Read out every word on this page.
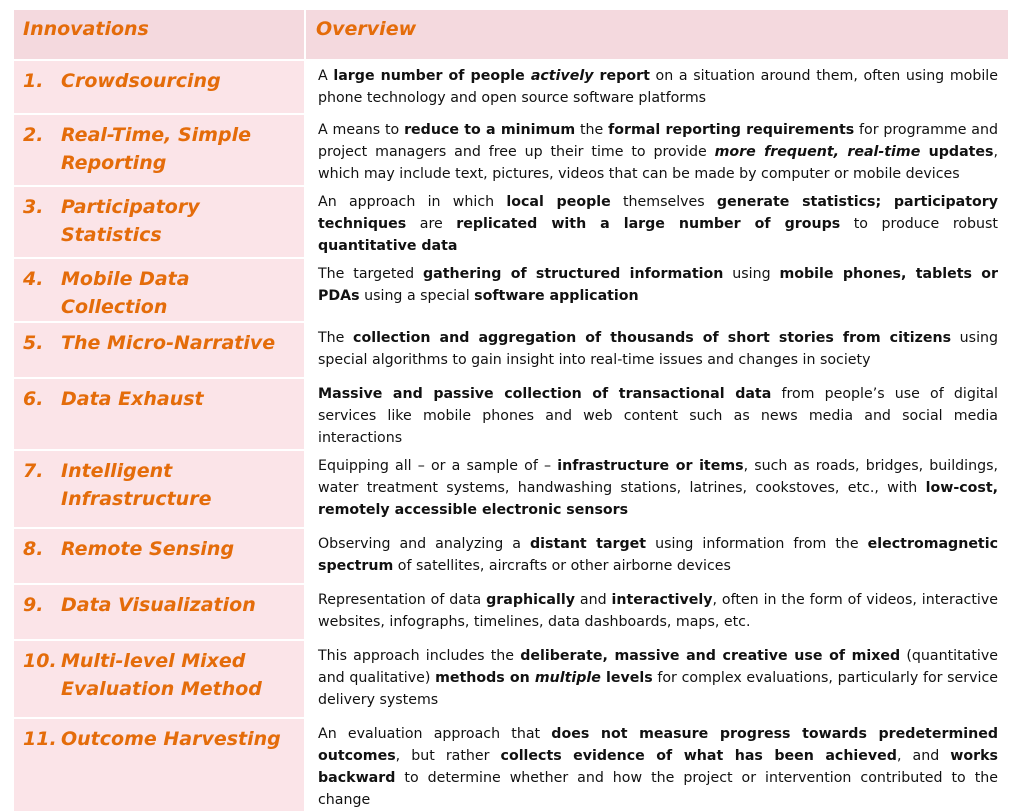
Innovations	Overview

1. Crowdsourcing	A large number of people actively report on a situation around them, often using mobile phone technology and open source software platforms

2. Real-Time, Simple Reporting	A means to reduce to a minimum the formal reporting requirements for programme and project managers and free up their time to provide more frequent, real-time updates, which may include text, pictures, videos that can be made by computer or mobile devices

3. Participatory Statistics	An approach in which local people themselves generate statistics; participatory techniques are replicated with a large number of groups to produce robust quantitative data

4. Mobile Data Collection	The targeted gathering of structured information using mobile phones, tablets or PDAs using a special software application

5. The Micro-Narrative	The collection and aggregation of thousands of short stories from citizens using special algorithms to gain insight into real-time issues and changes in society

6. Data Exhaust	Massive and passive collection of transactional data from people’s use of digital services like mobile phones and web content such as news media and social media interactions

7. Intelligent Infrastructure	Equipping all – or a sample of – infrastructure or items, such as roads, bridges, buildings, water treatment systems, handwashing stations, latrines, cookstoves, etc., with low-cost, remotely accessible electronic sensors

8. Remote Sensing	Observing and analyzing a distant target using information from the electromagnetic spectrum of satellites, aircrafts or other airborne devices

9. Data Visualization	Representation of data graphically and interactively, often in the form of videos, interactive websites, infographs, timelines, data dashboards, maps, etc.

10. Multi-level Mixed Evaluation Method	This approach includes the deliberate, massive and creative use of mixed (quantitative and qualitative) methods on multiple levels for complex evaluations, particularly for service delivery systems

11. Outcome Harvesting	An evaluation approach that does not measure progress towards predetermined outcomes, but rather collects evidence of what has been achieved, and works backward to determine whether and how the project or intervention contributed to the change
